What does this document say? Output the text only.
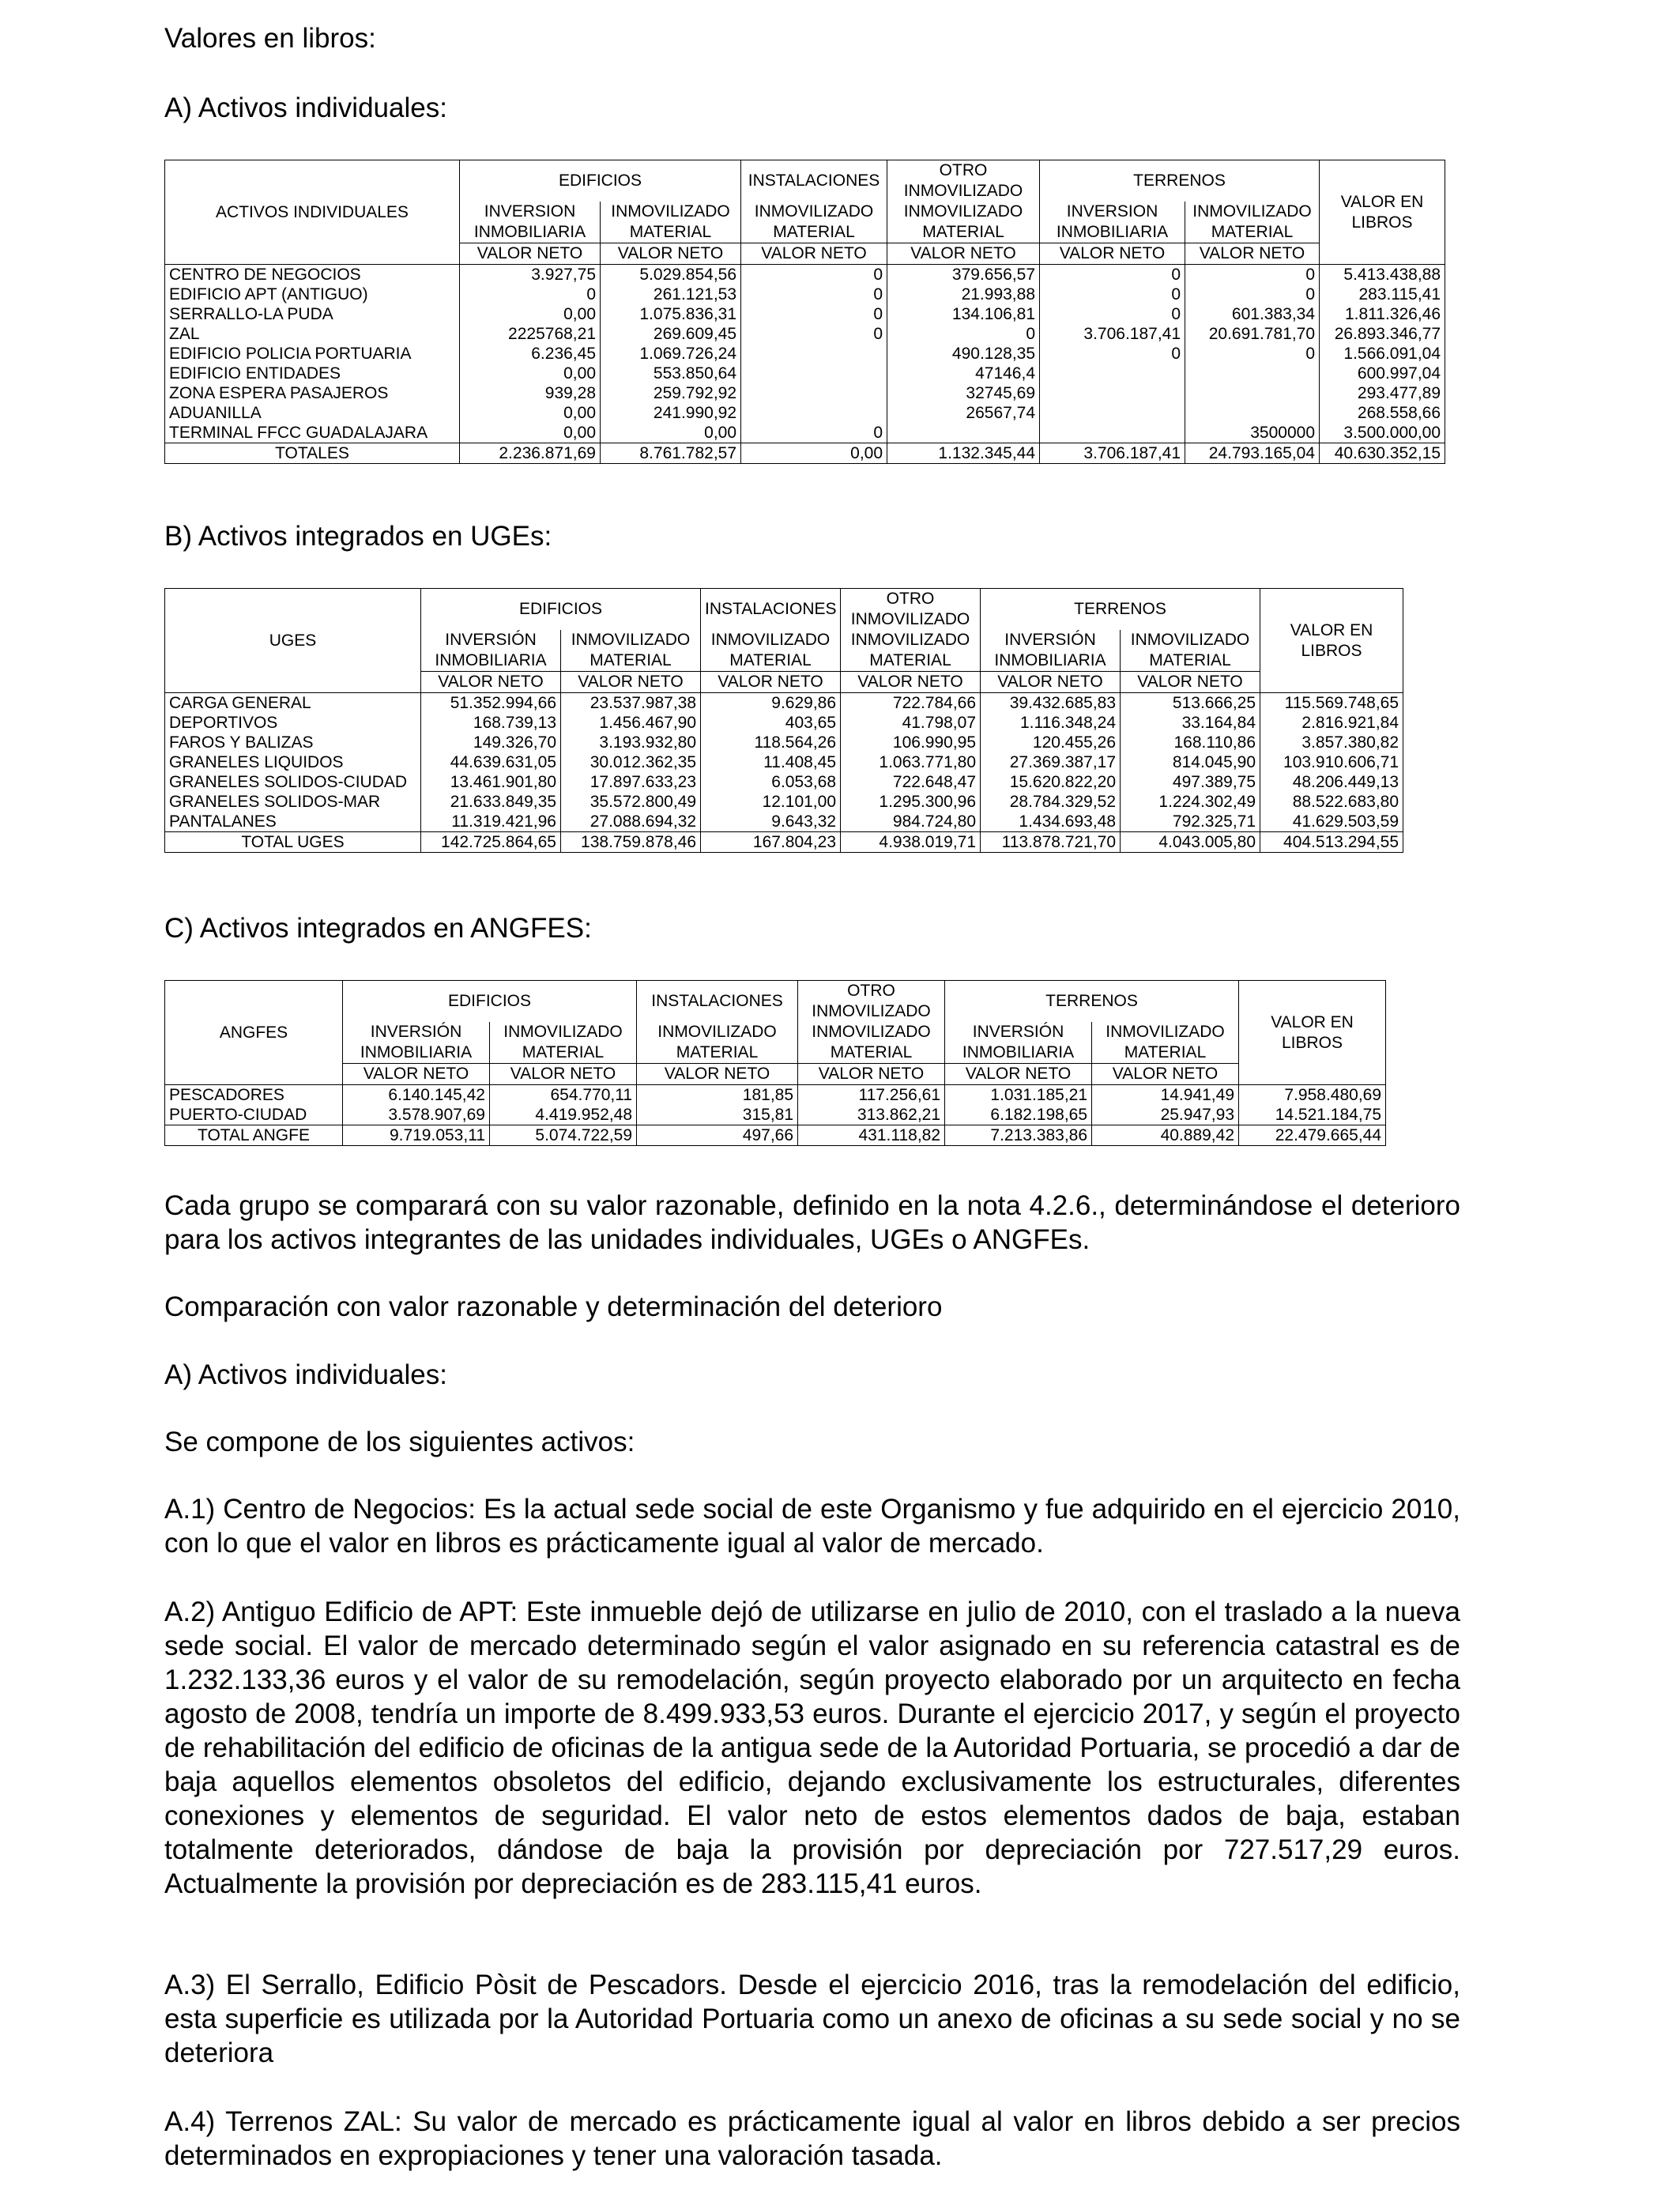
Valores en libros:
A) Activos individuales:
ACTIVOS INDIVIDUALES	EDIFICIOS		INSTALACIONES	OTRO INMOVILIZADO	TERRENOS		VALOR EN LIBROS
	INVERSION INMOBILIARIA	INMOVILIZADO MATERIAL	INMOVILIZADO MATERIAL	INMOVILIZADO MATERIAL	INVERSION INMOBILIARIA	INMOVILIZADO MATERIAL	
	VALOR NETO	VALOR NETO	VALOR NETO	VALOR NETO	VALOR NETO	VALOR NETO	
CENTRO DE NEGOCIOS	3.927,75	5.029.854,56	0	379.656,57	0	0	5.413.438,88
EDIFICIO APT (ANTIGUO)	0	261.121,53	0	21.993,88	0	0	283.115,41
SERRALLO-LA PUDA	0,00	1.075.836,31	0	134.106,81	0	601.383,34	1.811.326,46
ZAL	2225768,21	269.609,45	0	0	3.706.187,41	20.691.781,70	26.893.346,77
EDIFICIO POLICIA PORTUARIA	6.236,45	1.069.726,24		490.128,35	0	0	1.566.091,04
EDIFICIO ENTIDADES	0,00	553.850,64		47146,4			600.997,04
ZONA ESPERA PASAJEROS	939,28	259.792,92		32745,69			293.477,89
ADUANILLA	0,00	241.990,92		26567,74			268.558,66
TERMINAL FFCC GUADALAJARA	0,00	0,00	0			3500000	3.500.000,00
TOTALES	2.236.871,69	8.761.782,57	0,00	1.132.345,44	3.706.187,41	24.793.165,04	40.630.352,15
B) Activos integrados en UGEs:
UGES	EDIFICIOS		INSTALACIONES	OTRO INMOVILIZADO	TERRENOS		VALOR EN LIBROS
	INVERSIÓN INMOBILIARIA	INMOVILIZADO MATERIAL	INMOVILIZADO MATERIAL	INMOVILIZADO MATERIAL	INVERSIÓN INMOBILIARIA	INMOVILIZADO MATERIAL	
	VALOR NETO	VALOR NETO	VALOR NETO	VALOR NETO	VALOR NETO	VALOR NETO	
CARGA GENERAL	51.352.994,66	23.537.987,38	9.629,86	722.784,66	39.432.685,83	513.666,25	115.569.748,65
DEPORTIVOS	168.739,13	1.456.467,90	403,65	41.798,07	1.116.348,24	33.164,84	2.816.921,84
FAROS Y BALIZAS	149.326,70	3.193.932,80	118.564,26	106.990,95	120.455,26	168.110,86	3.857.380,82
GRANELES LIQUIDOS	44.639.631,05	30.012.362,35	11.408,45	1.063.771,80	27.369.387,17	814.045,90	103.910.606,71
GRANELES SOLIDOS-CIUDAD	13.461.901,80	17.897.633,23	6.053,68	722.648,47	15.620.822,20	497.389,75	48.206.449,13
GRANELES SOLIDOS-MAR	21.633.849,35	35.572.800,49	12.101,00	1.295.300,96	28.784.329,52	1.224.302,49	88.522.683,80
PANTALANES	11.319.421,96	27.088.694,32	9.643,32	984.724,80	1.434.693,48	792.325,71	41.629.503,59
TOTAL UGES	142.725.864,65	138.759.878,46	167.804,23	4.938.019,71	113.878.721,70	4.043.005,80	404.513.294,55
C) Activos integrados en ANGFES:
ANGFES	EDIFICIOS		INSTALACIONES	OTRO INMOVILIZADO	TERRENOS		VALOR EN LIBROS
	INVERSIÓN INMOBILIARIA	INMOVILIZADO MATERIAL	INMOVILIZADO MATERIAL	INMOVILIZADO MATERIAL	INVERSIÓN INMOBILIARIA	INMOVILIZADO MATERIAL	
	VALOR NETO	VALOR NETO	VALOR NETO	VALOR NETO	VALOR NETO	VALOR NETO	
PESCADORES	6.140.145,42	654.770,11	181,85	117.256,61	1.031.185,21	14.941,49	7.958.480,69
PUERTO-CIUDAD	3.578.907,69	4.419.952,48	315,81	313.862,21	6.182.198,65	25.947,93	14.521.184,75
TOTAL ANGFE	9.719.053,11	5.074.722,59	497,66	431.118,82	7.213.383,86	40.889,42	22.479.665,44
Cada grupo se comparará con su valor razonable, definido en la nota 4.2.6., determinándose el deterioro para los activos integrantes de las unidades individuales, UGEs o ANGFEs.
Comparación con valor razonable y determinación del deterioro
A) Activos individuales:
Se compone de los siguientes activos:
A.1) Centro de Negocios: Es la actual sede social de este Organismo y fue adquirido en el ejercicio 2010, con lo que el valor en libros es prácticamente igual al valor de mercado.
A.2) Antiguo Edificio de APT: Este inmueble dejó de utilizarse en julio de 2010, con el traslado a la nueva sede social. El valor de mercado determinado según el valor asignado en su referencia catastral es de 1.232.133,36 euros y el valor de su remodelación, según proyecto elaborado por un arquitecto en fecha agosto de 2008, tendría un importe de 8.499.933,53 euros. Durante el ejercicio 2017, y según el proyecto de rehabilitación del edificio de oficinas de la antigua sede de la Autoridad Portuaria, se procedió a dar de baja aquellos elementos obsoletos del edificio, dejando exclusivamente los estructurales, diferentes conexiones y elementos de seguridad. El valor neto de estos elementos dados de baja, estaban totalmente deteriorados, dándose de baja la provisión por depreciación por 727.517,29 euros. Actualmente la provisión por depreciación es de 283.115,41 euros.
A.3) El Serrallo, Edificio Pòsit de Pescadors. Desde el ejercicio 2016, tras la remodelación del edificio, esta superficie es utilizada por la Autoridad Portuaria como un anexo de oficinas a su sede social y no se deteriora
A.4) Terrenos ZAL: Su valor de mercado es prácticamente igual al valor en libros debido a ser precios determinados en expropiaciones y tener una valoración tasada.
